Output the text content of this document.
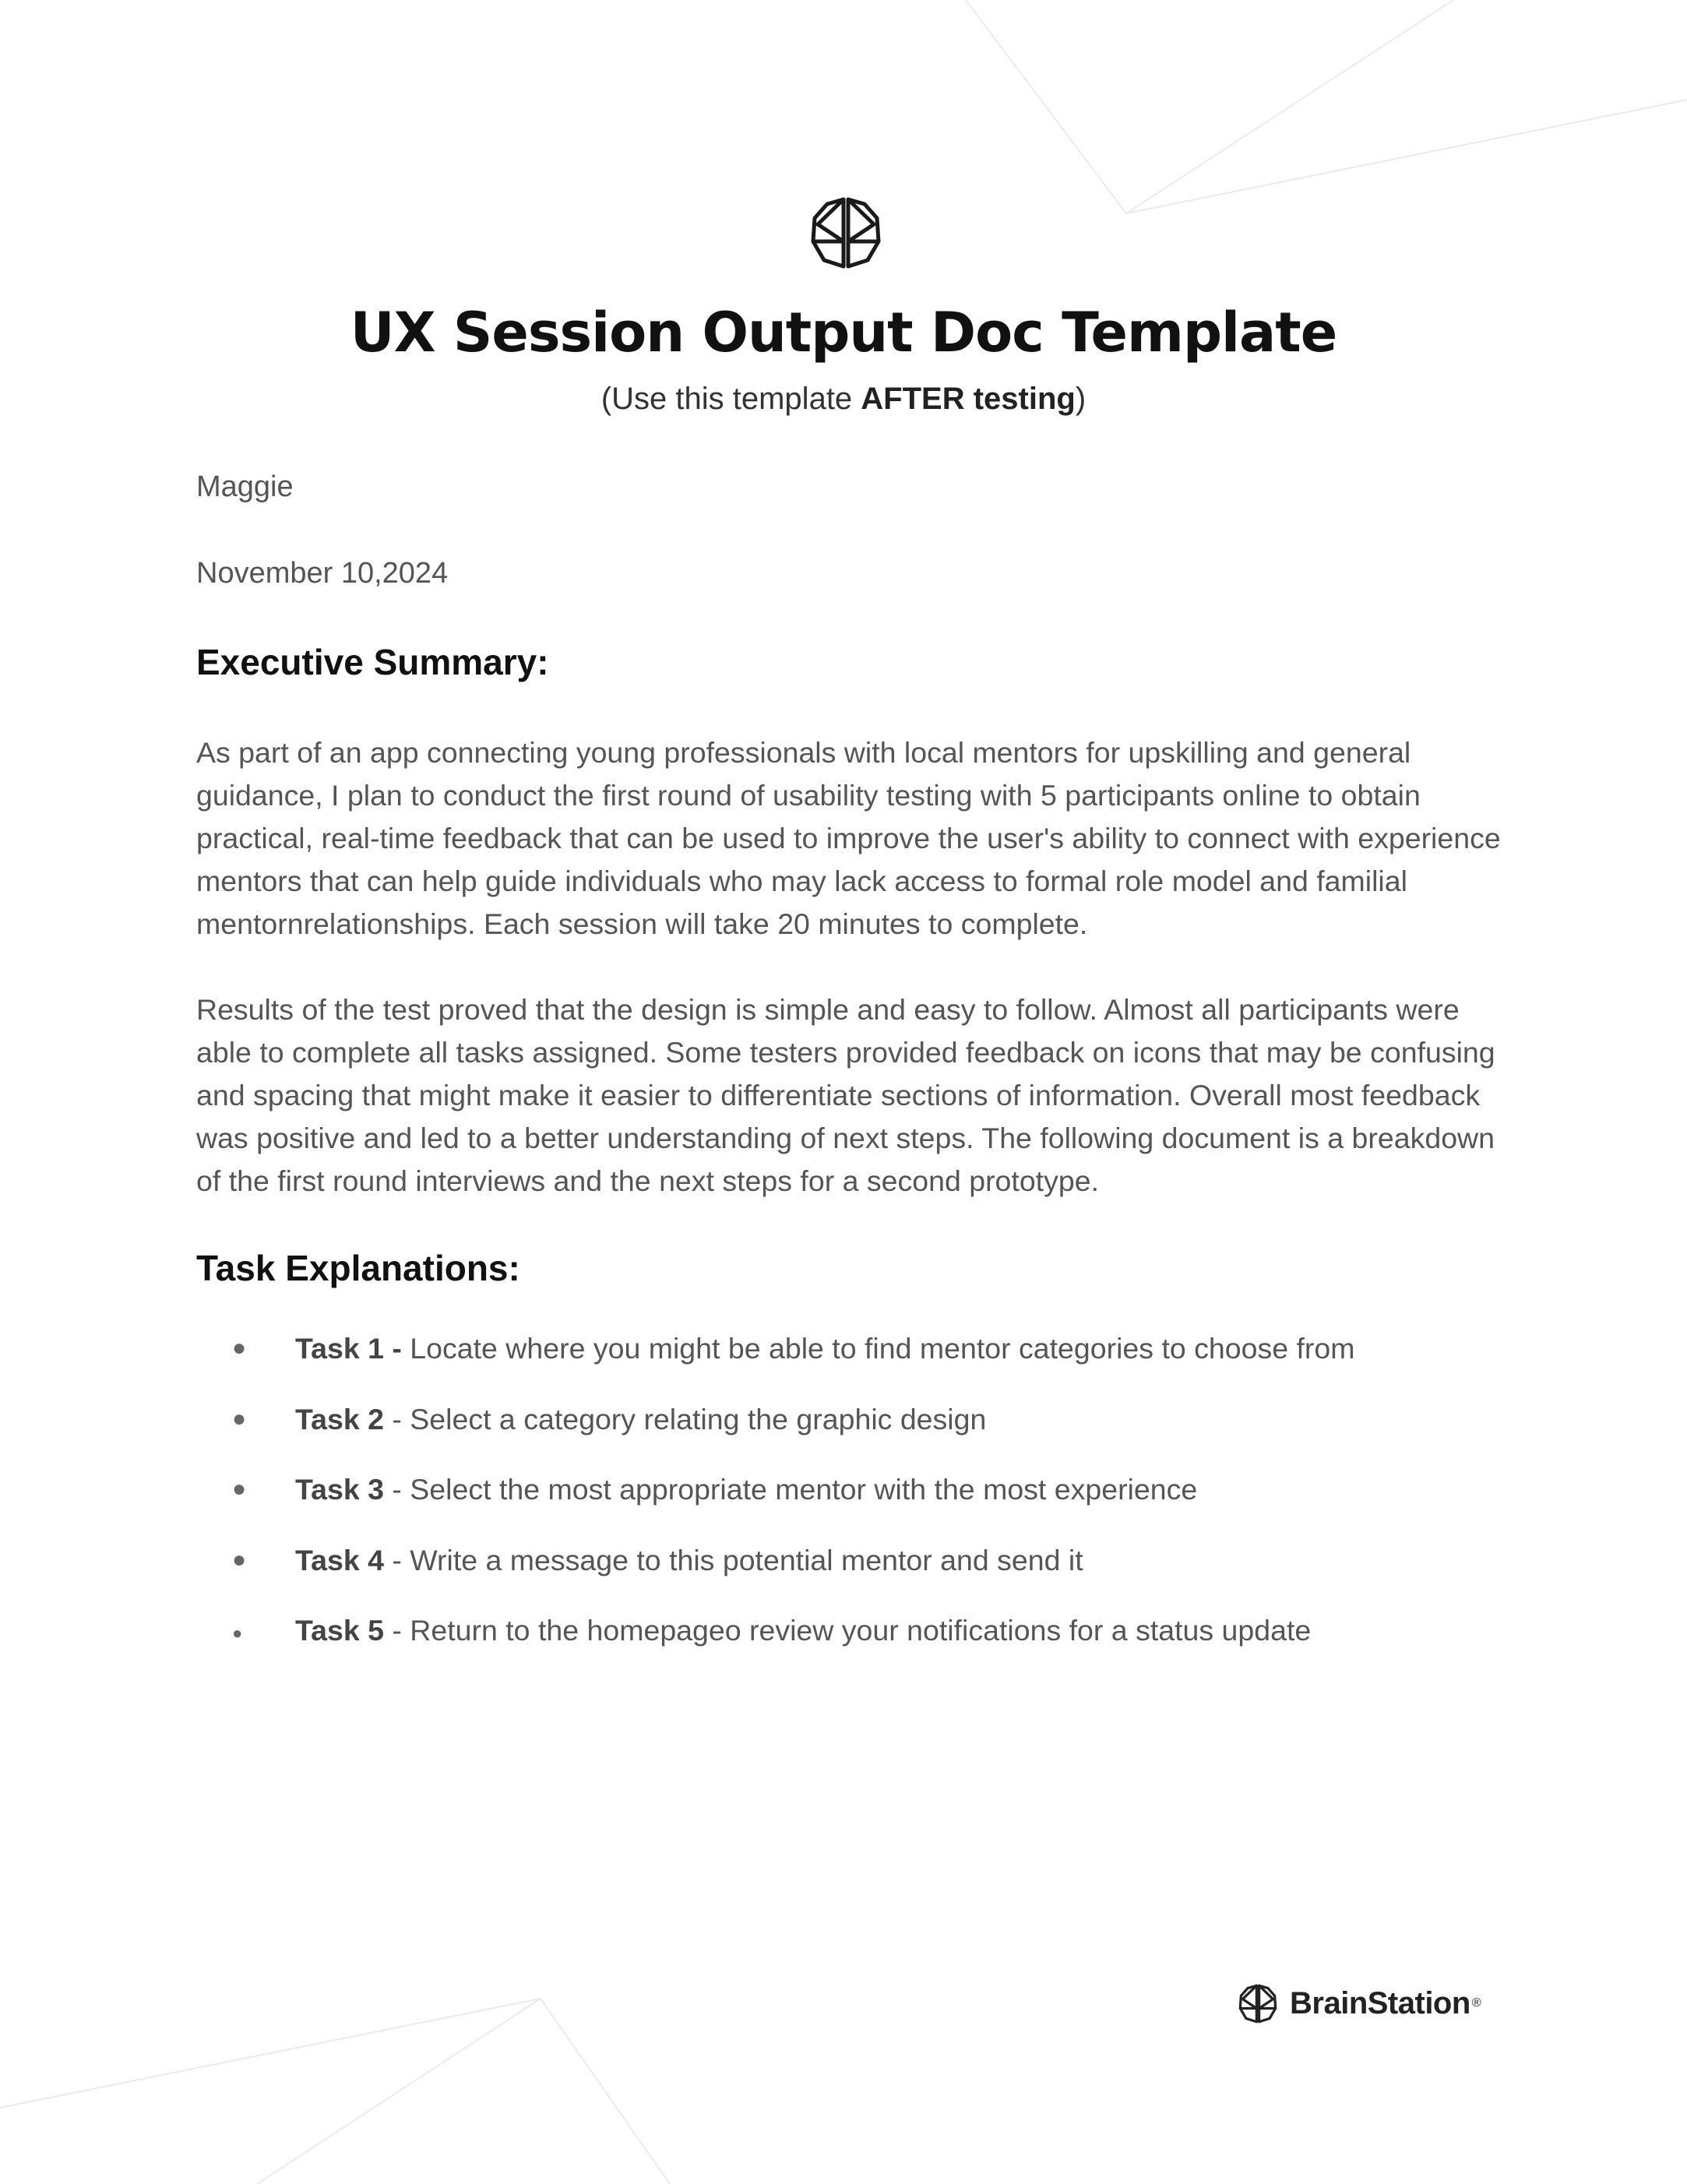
UX Session Output Doc Template
(Use this template AFTER testing)
Maggie
November 10,2024
Executive Summary:

As part of an app connecting young professionals with local mentors for upskilling and general guidance, I plan to conduct the first round of usability testing with 5 participants online to obtain practical, real-time feedback that can be used to improve the user's ability to connect with experience mentors that can help guide individuals who may lack access to formal role model and familial mentornrelationships. Each session will take 20 minutes to complete.

Results of the test proved that the design is simple and easy to follow. Almost all participants were able to complete all tasks assigned. Some testers provided feedback on icons that may be confusing and spacing that might make it easier to differentiate sections of information. Overall most feedback was positive and led to a better understanding of next steps. The following document is a breakdown of the first round interviews and the next steps for a second prototype.

Task Explanations:
● Task 1 - Locate where you might be able to find mentor categories to choose from
● Task 2 - Select a category relating the graphic design
● Task 3 - Select the most appropriate mentor with the most experience
● Task 4 - Write a message to this potential mentor and send it
● Task 5 - Return to the homepageo review your notifications for a status update
BrainStation ®
